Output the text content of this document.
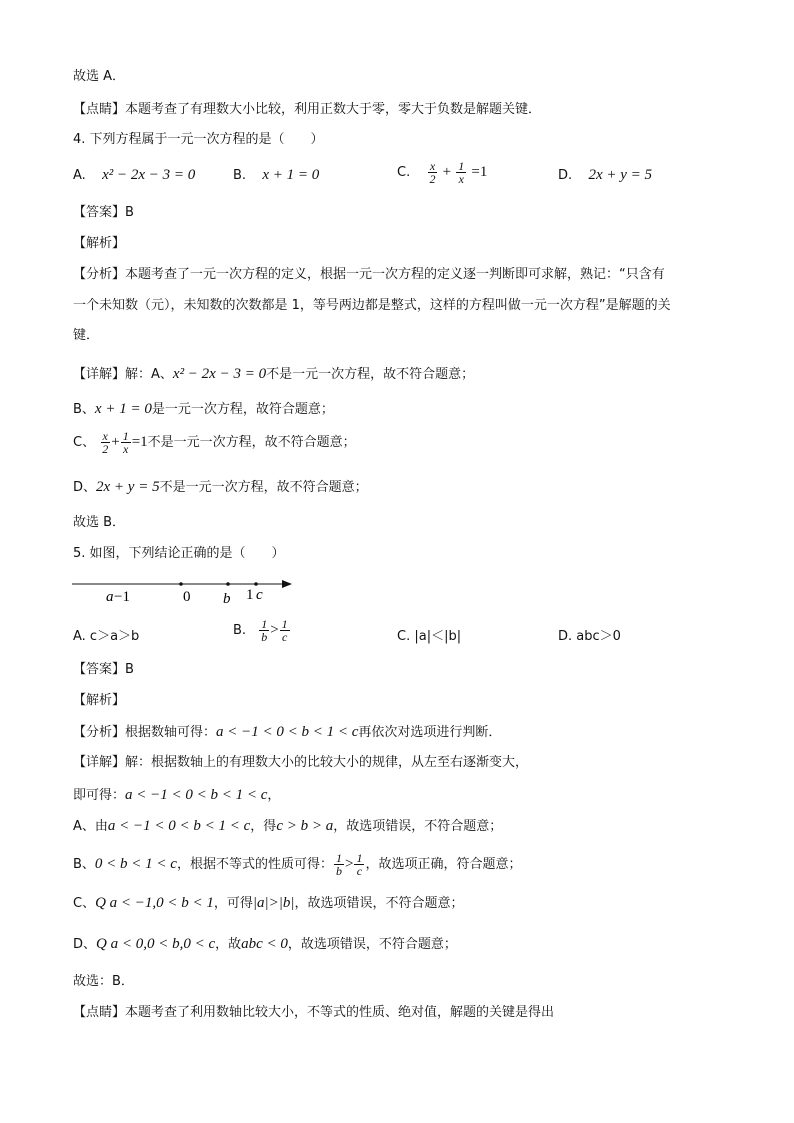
故选 A．
【点睛】本题考查了有理数大小比较，利用正数大于零，零大于负数是解题关键．
4. 下列方程属于一元一次方程的是（　　）
A. x² − 2x − 3 = 0	B. x + 1 = 0	C. $\frac{x}{2} + \frac{1}{x} =1$	D. 2x + y = 5
【答案】B
【解析】
【分析】本题考查了一元一次方程的定义，根据一元一次方程的定义逐一判断即可求解，熟记：“只含有
一个未知数（元），未知数的次数都是 1，等号两边都是整式，这样的方程叫做一元一次方程”是解题的关
键．
【详解】解：A、x² − 2x − 3 = 0不是一元一次方程，故不符合题意；
B、x + 1 = 0是一元一次方程，故符合题意；
C、 $\frac{x}{2} + \frac{1}{x} =1$不是一元一次方程，故不符合题意；
D、2x + y = 5不是一元一次方程，故不符合题意；
故选 B．
5. 如图，下列结论正确的是（　　）
a −1	0 b 1 c
A. c＞a＞b	B. $\frac{1}{b} > \frac{1}{c}$	C. |a|＜|b|	D. abc＞0
【答案】B
【解析】
【分析】根据数轴可得：a < −1 < 0 < b < 1 < c再依次对选项进行判断．
【详解】解：根据数轴上的有理数大小的比较大小的规律，从左至右逐渐变大，
即可得：a < −1 < 0 < b < 1 < c，
A、由a < −1 < 0 < b < 1 < c，得c > b > a，故选项错误，不符合题意；
B、0 < b < 1 < c，根据不等式的性质可得： $\frac{1}{b} > \frac{1}{c}$ ，故选项正确，符合题意；
C、Q a < −1,0 < b < 1，可得|a|>|b|，故选项错误，不符合题意；
D、Q a < 0,0 < b,0 < c，故abc < 0，故选项错误，不符合题意；
故选：B．
【点睛】本题考查了利用数轴比较大小，不等式的性质、绝对值，解题的关键是得出
